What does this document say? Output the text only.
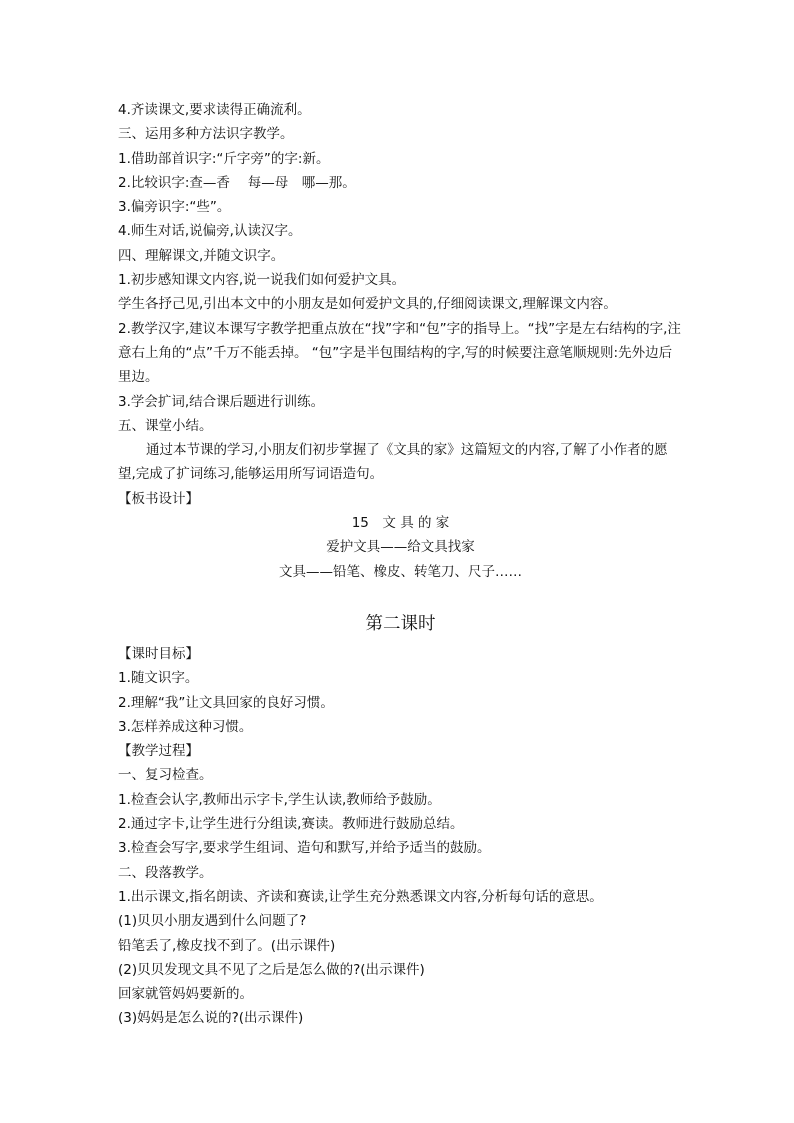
4.齐读课文,要求读得正确流利。
三、运用多种方法识字教学。
1.借助部首识字:“斤字旁”的字:新。
2.比较识字:查—香　 每—母　哪—那。
3.偏旁识字:“些”。
4.师生对话,说偏旁,认读汉字。
四、理解课文,并随文识字。
1.初步感知课文内容,说一说我们如何爱护文具。
学生各抒己见,引出本文中的小朋友是如何爱护文具的,仔细阅读课文,理解课文内容。
2.教学汉字,建议本课写字教学把重点放在“找”字和“包”字的指导上。“找”字是左右结构的字,注意右上角的“点”千万不能丢掉。 “包”字是半包围结构的字,写的时候要注意笔顺规则:先外边后里边。
3.学会扩词,结合课后题进行训练。
五、课堂小结。
通过本节课的学习,小朋友们初步掌握了《文具的家》这篇短文的内容,了解了小作者的愿望,完成了扩词练习,能够运用所写词语造句。
【板书设计】
15　文 具 的 家
爱护文具——给文具找家
文具——铅笔、橡皮、转笔刀、尺子……
第二课时
【课时目标】
1.随文识字。
2.理解“我”让文具回家的良好习惯。
3.怎样养成这种习惯。
【教学过程】
一、复习检查。
1.检查会认字,教师出示字卡,学生认读,教师给予鼓励。
2.通过字卡,让学生进行分组读,赛读。教师进行鼓励总结。
3.检查会写字,要求学生组词、造句和默写,并给予适当的鼓励。
二、段落教学。
1.出示课文,指名朗读、齐读和赛读,让学生充分熟悉课文内容,分析每句话的意思。
(1)贝贝小朋友遇到什么问题了?
铅笔丢了,橡皮找不到了。(出示课件)
(2)贝贝发现文具不见了之后是怎么做的?(出示课件)
回家就管妈妈要新的。
(3)妈妈是怎么说的?(出示课件)
